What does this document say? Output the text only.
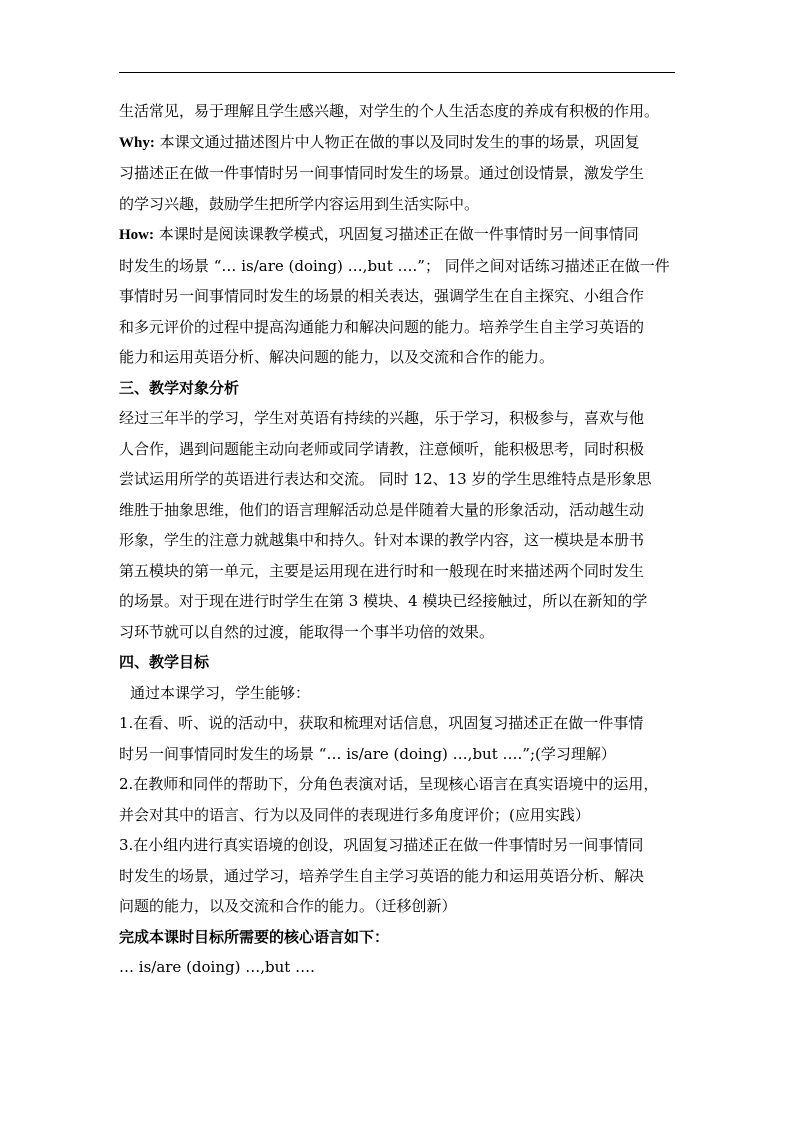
生活常见，易于理解且学生感兴趣，对学生的个人生活态度的养成有积极的作用。
Why: 本课文通过描述图片中人物正在做的事以及同时发生的事的场景，巩固复
习描述正在做一件事情时另一间事情同时发生的场景。通过创设情景，激发学生
的学习兴趣，鼓励学生把所学内容运用到生活实际中。
How: 本课时是阅读课教学模式，巩固复习描述正在做一件事情时另一间事情同
时发生的场景 “… is/are (doing) …,but ….”； 同伴之间对话练习描述正在做一件
事情时另一间事情同时发生的场景的相关表达，强调学生在自主探究、小组合作
和多元评价的过程中提高沟通能力和解决问题的能力。培养学生自主学习英语的
能力和运用英语分析、解决问题的能力，以及交流和合作的能力。
三、教学对象分析
经过三年半的学习，学生对英语有持续的兴趣，乐于学习，积极参与，喜欢与他
人合作，遇到问题能主动向老师或同学请教，注意倾听，能积极思考，同时积极
尝试运用所学的英语进行表达和交流。 同时 12、13 岁的学生思维特点是形象思
维胜于抽象思维，他们的语言理解活动总是伴随着大量的形象活动，活动越生动
形象，学生的注意力就越集中和持久。针对本课的教学内容，这一模块是本册书
第五模块的第一单元，主要是运用现在进行时和一般现在时来描述两个同时发生
的场景。对于现在进行时学生在第 3 模块、4 模块已经接触过，所以在新知的学
习环节就可以自然的过渡，能取得一个事半功倍的效果。
四、教学目标
通过本课学习，学生能够：
1.在看、听、说的活动中，获取和梳理对话信息，巩固复习描述正在做一件事情
时另一间事情同时发生的场景 “… is/are (doing) …,but ….”;(学习理解）
2.在教师和同伴的帮助下，分角色表演对话，呈现核心语言在真实语境中的运用，
并会对其中的语言、行为以及同伴的表现进行多角度评价；(应用实践）
3.在小组内进行真实语境的创设，巩固复习描述正在做一件事情时另一间事情同
时发生的场景，通过学习，培养学生自主学习英语的能力和运用英语分析、解决
问题的能力，以及交流和合作的能力。（迁移创新）
完成本课时目标所需要的核心语言如下：
… is/are (doing) …,but ….
